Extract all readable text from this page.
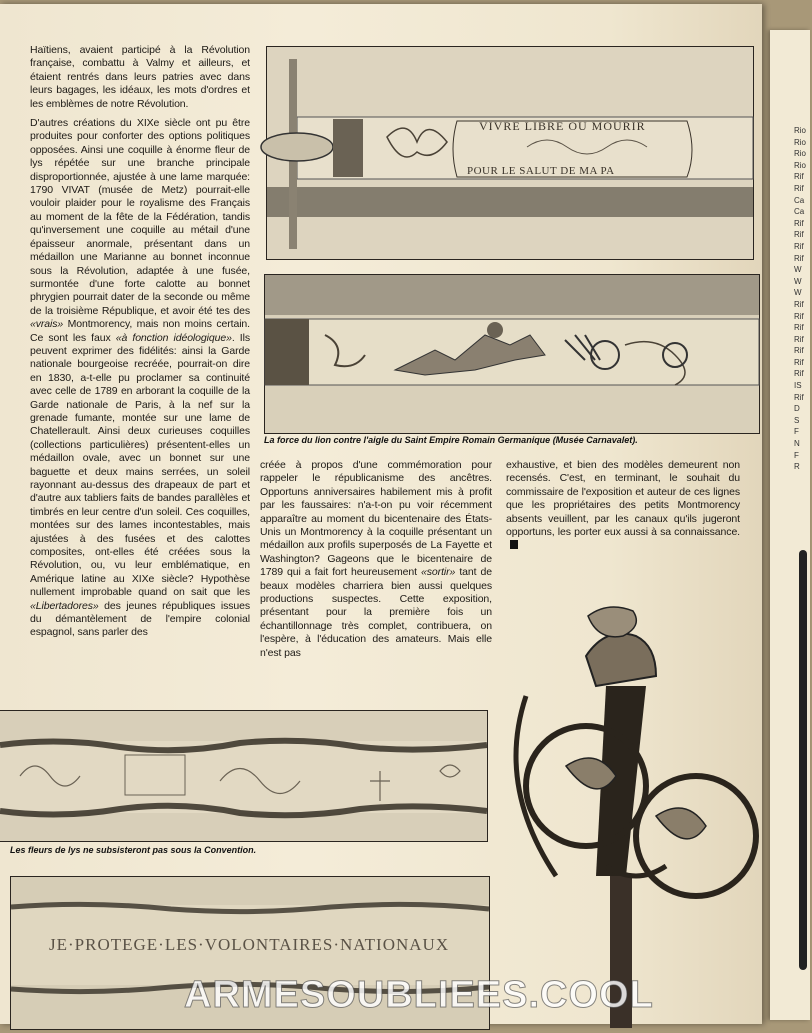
Haïtiens, avaient participé à la Révolution française, combattu à Valmy et ailleurs, et étaient rentrés dans leurs patries avec dans leurs bagages, les idéaux, les mots d'ordres et les emblèmes de notre Révolution.

D'autres créations du XIXe siècle ont pu être produites pour conforter des options politiques opposées. Ainsi une coquille à énorme fleur de lys répétée sur une branche principale disproportionnée, ajustée à une lame marquée: 1790 VIVAT (musée de Metz) pourrait-elle vouloir plaider pour le royalisme des Français au moment de la fête de la Fédération, tandis qu'inversement une coquille au métail d'une épaisseur anormale, présentant dans un médaillon une Marianne au bonnet inconnue sous la Révolution, adaptée à une fusée, surmontée d'une forte calotte au bonnet phrygien pourrait dater de la seconde ou même de la troisième République, et avoir été tes des «vrais» Montmorency, mais non moins certain. Ce sont les faux «à fonction idéologique». Ils peuvent exprimer des fidélités: ainsi la Garde nationale bourgeoise recréée, pourrait-on dire en 1830, a-t-elle pu proclamer sa continuité avec celle de 1789 en arborant la coquille de la Garde nationale de Paris, à la nef sur la grenade fumante, montée sur une lame de Chatellerault. Ainsi deux curieuses coquilles (collections particulières) présentent-elles un médaillon ovale, avec un bonnet sur une baguette et deux mains serrées, un soleil rayonnant au-dessus des drapeaux de part et d'autre aux tabliers faits de bandes parallèles et timbrés en leur centre d'un soleil. Ces coquilles, montées sur des lames incontestables, mais ajustées à des fusées et des calottes composites, ont-elles été créées sous la Révolution, ou, vu leur emblématique, en Amérique latine au XIXe siècle? Hypothèse nullement improbable quand on sait que les «Libertadores» des jeunes républiques issues du démantèlement de l'empire colonial espagnol, sans parler des

VIVRE LIBRE OU MOURIR
POUR LE SALUT DE MA PA
La force du lion contre l'aigle du Saint Empire Romain Germanique (Musée Carnavalet).

créée à propos d'une commémoration pour rappeler le républicanisme des ancêtres. Opportuns anniversaires habilement mis à profit par les faussaires: n'a-t-on pu voir récemment apparaître au moment du bicentenaire des États-Unis un Montmorency à la coquille présentant un médaillon aux profils superposés de La Fayette et Washington? Gageons que le bicentenaire de 1789 qui a fait fort heureusement «sortir» tant de beaux modèles charriera bien aussi quelques productions suspectes. Cette exposition, présentant pour la première fois un échantillonnage très complet, contribuera, on l'espère, à l'éducation des amateurs. Mais elle n'est pas

exhaustive, et bien des modèles demeurent non recensés. C'est, en terminant, le souhait du commissaire de l'exposition et auteur de ces lignes que les propriétaires des petits Montmorency absents veuillent, par les canaux qu'ils jugeront opportuns, les porter eux aussi à sa connaissance.

Les fleurs de lys ne subsisteront pas sous la Convention.
JE·PROTEGE·LES·VOLONTAIRES·NATIONAUX
Rio
Rio
Rio
Rio
Rif
Rif
Ca
Ca
Rif
Rif
Rif
Rif
W
W
W
Rif
Rif
Rif
Rif
Rif
Rif
Rif
IS
Rif
D
S
F
N
F
R
ARMESOUBLIEES.COOL
